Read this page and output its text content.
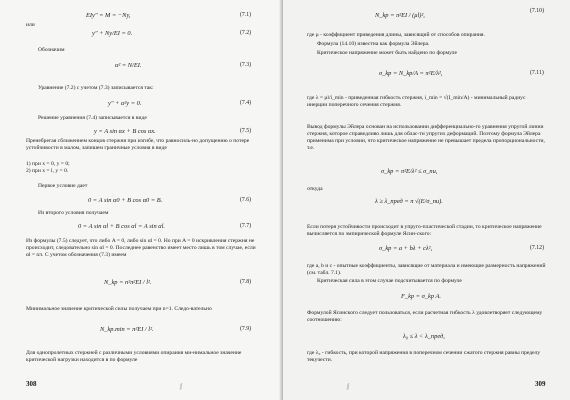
EIy″ = M = −Ny,	(7.1)
или
y″ + Ny/EI = 0.	(7.2)
Обозначим
α² = N/EI.	(7.3)
Уравнение (7.2) с учетом (7.3) записывается так:
y″ + α²y = 0.	(7.4)
Решение уравнения (7.4) записывается в виде
y = A sin αx + B cos αx.	(7.5)
Пренебрегая сближением концов стержня при изгибе, что равносиль-но допущению о потере устойчивости в малом, запишем граничные условия в виде
1) при x = 0, y = 0;
2) при x = l, y = 0.
Первое условие дает
0 = A sin α0 + B cos α0 = B.	(7.6)
Из второго условия получаем
0 = A sin αl + B cos αl = A sin αl.	(7.7)
Из формулы (7.5) следует, что либо A = 0, либо sin αl = 0. Но при A = 0 искривления стержня не происходит, следовательно sin αl = 0. Последнее равенство имеет место лишь в том случае, если αl = nπ. С учетом обозначения (7.3) имеем
N_kp = n²π²EI / l².	(7.8)
Минимальное значение критической силы получаем при n=1. Следо-вательно
N_kp.min = π²EI / l².	(7.9)
Для однопролетных стержней с различными условиями опирания ми-нимальное значение критической нагрузки находится в по формуле
308	ʃ
N_kp = π²EI / (μl)²,
(7.10)
где μ - коэффициент приведения длины, зависящий от способов опирания.
Формула (14.10) известна как формула Эйлера.
Критическое напряжение может быть найдено по формуле
σ_kp = N_kp/A = π²E/λ²,	(7.11)
где λ = μl/i_min - приведенная гибкость стержня, i_min = √(I_min/A) - минимальный радиус инерции поперечного сечения стержня.
Вывод формулы Эйлера основан на использовании дифференциально-го уравнения упругой линии стержня, которое справедливо лишь для облас-ти упругих деформаций. Поэтому формула Эйлера применима при условии, что критическое напряжение не превышает предела пропорциональности, т.е.
σ_kp = π²E/λ² ≤ σ_nu,
откуда
λ ≥ λ_пред = π √(E/σ_nu).
Если потеря устойчивости происходит в упруго-пластической стадии, то критическое напряжение вычисляется по эмпирической формуле Ясин-ского:
σ_kp = a + bλ + cλ²,	(7.12)
где a, b и c - опытные коэффициенты, зависящие от материала и имеющие размерность напряжений (см. табл. 7.1).
Критическая сила в этом случае подсчитывается по формуле
F_kp = σ_kp A.
Формулой Ясинского следует пользоваться, если расчетная гибкость λ удовлетворяет следующему соотношению:
λ₀ ≤ λ < λ_пред,
где λ₀ - гибкость, при которой напряжения в поперечном сечении сжатого стержня равны пределу текучести.
ʃ	309
